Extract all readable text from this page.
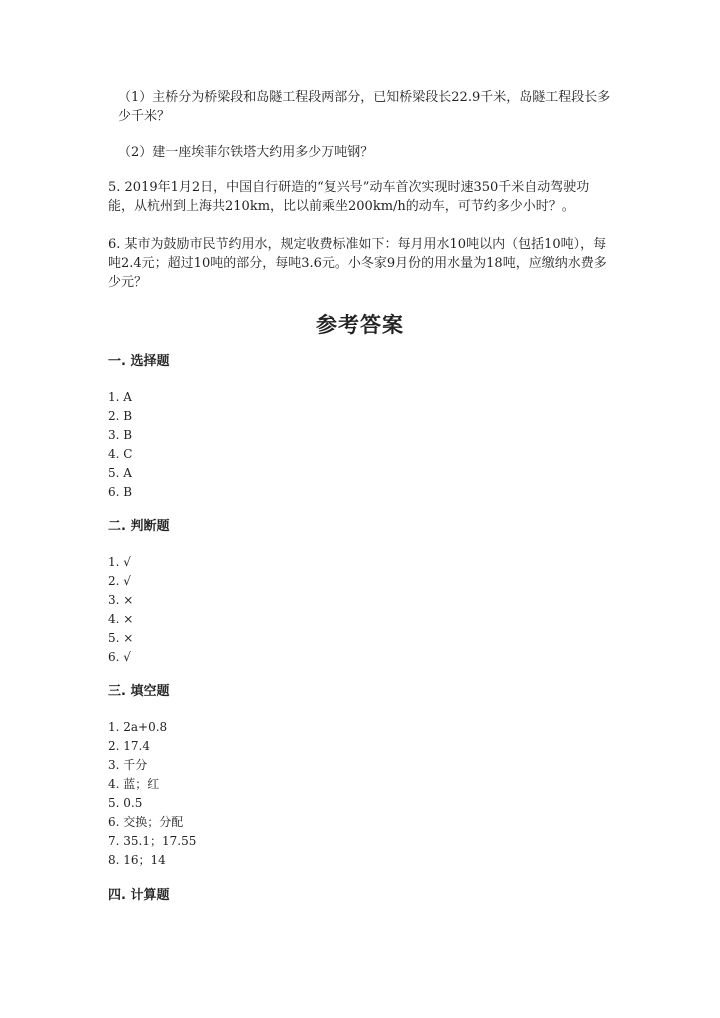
（1）主桥分为桥梁段和岛隧工程段两部分，已知桥梁段长22.9千米，岛隧工程段长多少千米？

（2）建一座埃菲尔铁塔大约用多少万吨钢？

5. 2019年1月2日，中国自行研造的“复兴号”动车首次实现时速350千米自动驾驶功能，从杭州到上海共210km，比以前乘坐200km/h的动车，可节约多少小时？。

6. 某市为鼓励市民节约用水，规定收费标准如下：每月用水10吨以内（包括10吨），每吨2.4元；超过10吨的部分，每吨3.6元。小冬家9月份的用水量为18吨，应缴纳水费多少元？

参考答案
一. 选择题
1. A
2. B
3. B
4. C
5. A
6. B
二. 判断题
1. √
2. √
3. ×
4. ×
5. ×
6. √
三. 填空题
1. 2a+0.8
2. 17.4
3. 千分
4. 蓝；红
5. 0.5
6. 交换；分配
7. 35.1；17.55
8. 16；14
四. 计算题
